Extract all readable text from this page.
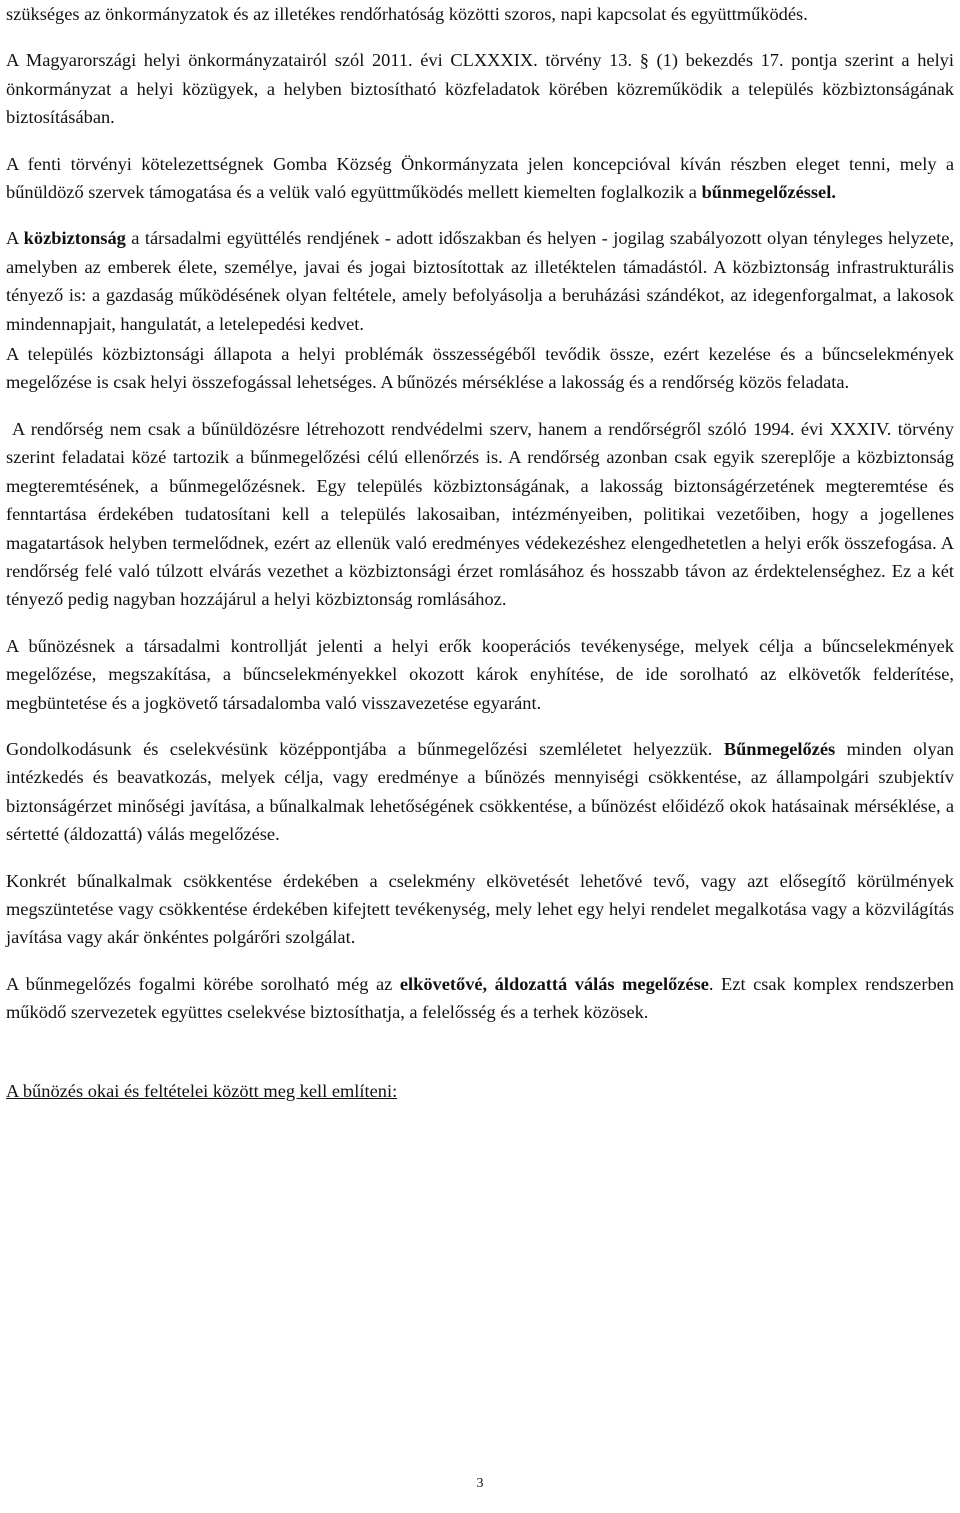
szükséges az önkormányzatok és az illetékes rendőrhatóság közötti szoros, napi kapcsolat és együttműködés.

A Magyarországi helyi önkormányzatairól szól 2011. évi CLXXXIX. törvény 13. § (1) bekezdés 17. pontja szerint a helyi önkormányzat a helyi közügyek, a helyben biztosítható közfeladatok körében közreműködik a település közbiztonságának biztosításában.

A fenti törvényi kötelezettségnek Gomba Község Önkormányzata jelen koncepcióval kíván részben eleget tenni, mely a bűnüldöző szervek támogatása és a velük való együttműködés mellett kiemelten foglalkozik a bűnmegelőzéssel.

A közbiztonság a társadalmi együttélés rendjének - adott időszakban és helyen - jogilag szabályozott olyan tényleges helyzete, amelyben az emberek élete, személye, javai és jogai biztosítottak az illetéktelen támadástól. A közbiztonság infrastrukturális tényező is: a gazdaság működésének olyan feltétele, amely befolyásolja a beruházási szándékot, az idegenforgalmat, a lakosok mindennapjait, hangulatát, a letelepedési kedvet.

A település közbiztonsági állapota a helyi problémák összességéből tevődik össze, ezért kezelése és a bűncselekmények megelőzése is csak helyi összefogással lehetséges. A bűnözés mérséklése a lakosság és a rendőrség közös feladata.

A rendőrség nem csak a bűnüldözésre létrehozott rendvédelmi szerv, hanem a rendőrségről szóló 1994. évi XXXIV. törvény szerint feladatai közé tartozik a bűnmegelőzési célú ellenőrzés is. A rendőrség azonban csak egyik szereplője a közbiztonság megteremtésének, a bűnmegelőzésnek. Egy település közbiztonságának, a lakosság biztonságérzetének megteremtése és fenntartása érdekében tudatosítani kell a település lakosaiban, intézményeiben, politikai vezetőiben, hogy a jogellenes magatartások helyben termelődnek, ezért az ellenük való eredményes védekezéshez elengedhetetlen a helyi erők összefogása. A rendőrség felé való túlzott elvárás vezethet a közbiztonsági érzet romlásához és hosszabb távon az érdektelenséghez. Ez a két tényező pedig nagyban hozzájárul a helyi közbiztonság romlásához.

A bűnözésnek a társadalmi kontrollját jelenti a helyi erők kooperációs tevékenysége, melyek célja a bűncselekmények megelőzése, megszakítása, a bűncselekményekkel okozott károk enyhítése, de ide sorolható az elkövetők felderítése, megbüntetése és a jogkövető társadalomba való visszavezetése egyaránt.

Gondolkodásunk és cselekvésünk középpontjába a bűnmegelőzési szemléletet helyezzük. Bűnmegelőzés minden olyan intézkedés és beavatkozás, melyek célja, vagy eredménye a bűnözés mennyiségi csökkentése, az állampolgári szubjektív biztonságérzet minőségi javítása, a bűnalkalmak lehetőségének csökkentése, a bűnözést előidéző okok hatásainak mérséklése, a sértetté (áldozattá) válás megelőzése.

Konkrét bűnalkalmak csökkentése érdekében a cselekmény elkövetését lehetővé tevő, vagy azt elősegítő körülmények megszüntetése vagy csökkentése érdekében kifejtett tevékenység, mely lehet egy helyi rendelet megalkotása vagy a közvilágítás javítása vagy akár önkéntes polgárőri szolgálat.

A bűnmegelőzés fogalmi körébe sorolható még az elkövetővé, áldozattá válás megelőzése. Ezt csak komplex rendszerben működő szervezetek együttes cselekvése biztosíthatja, a felelősség és a terhek közösek.

A bűnözés okai és feltételei között meg kell említeni:

3
